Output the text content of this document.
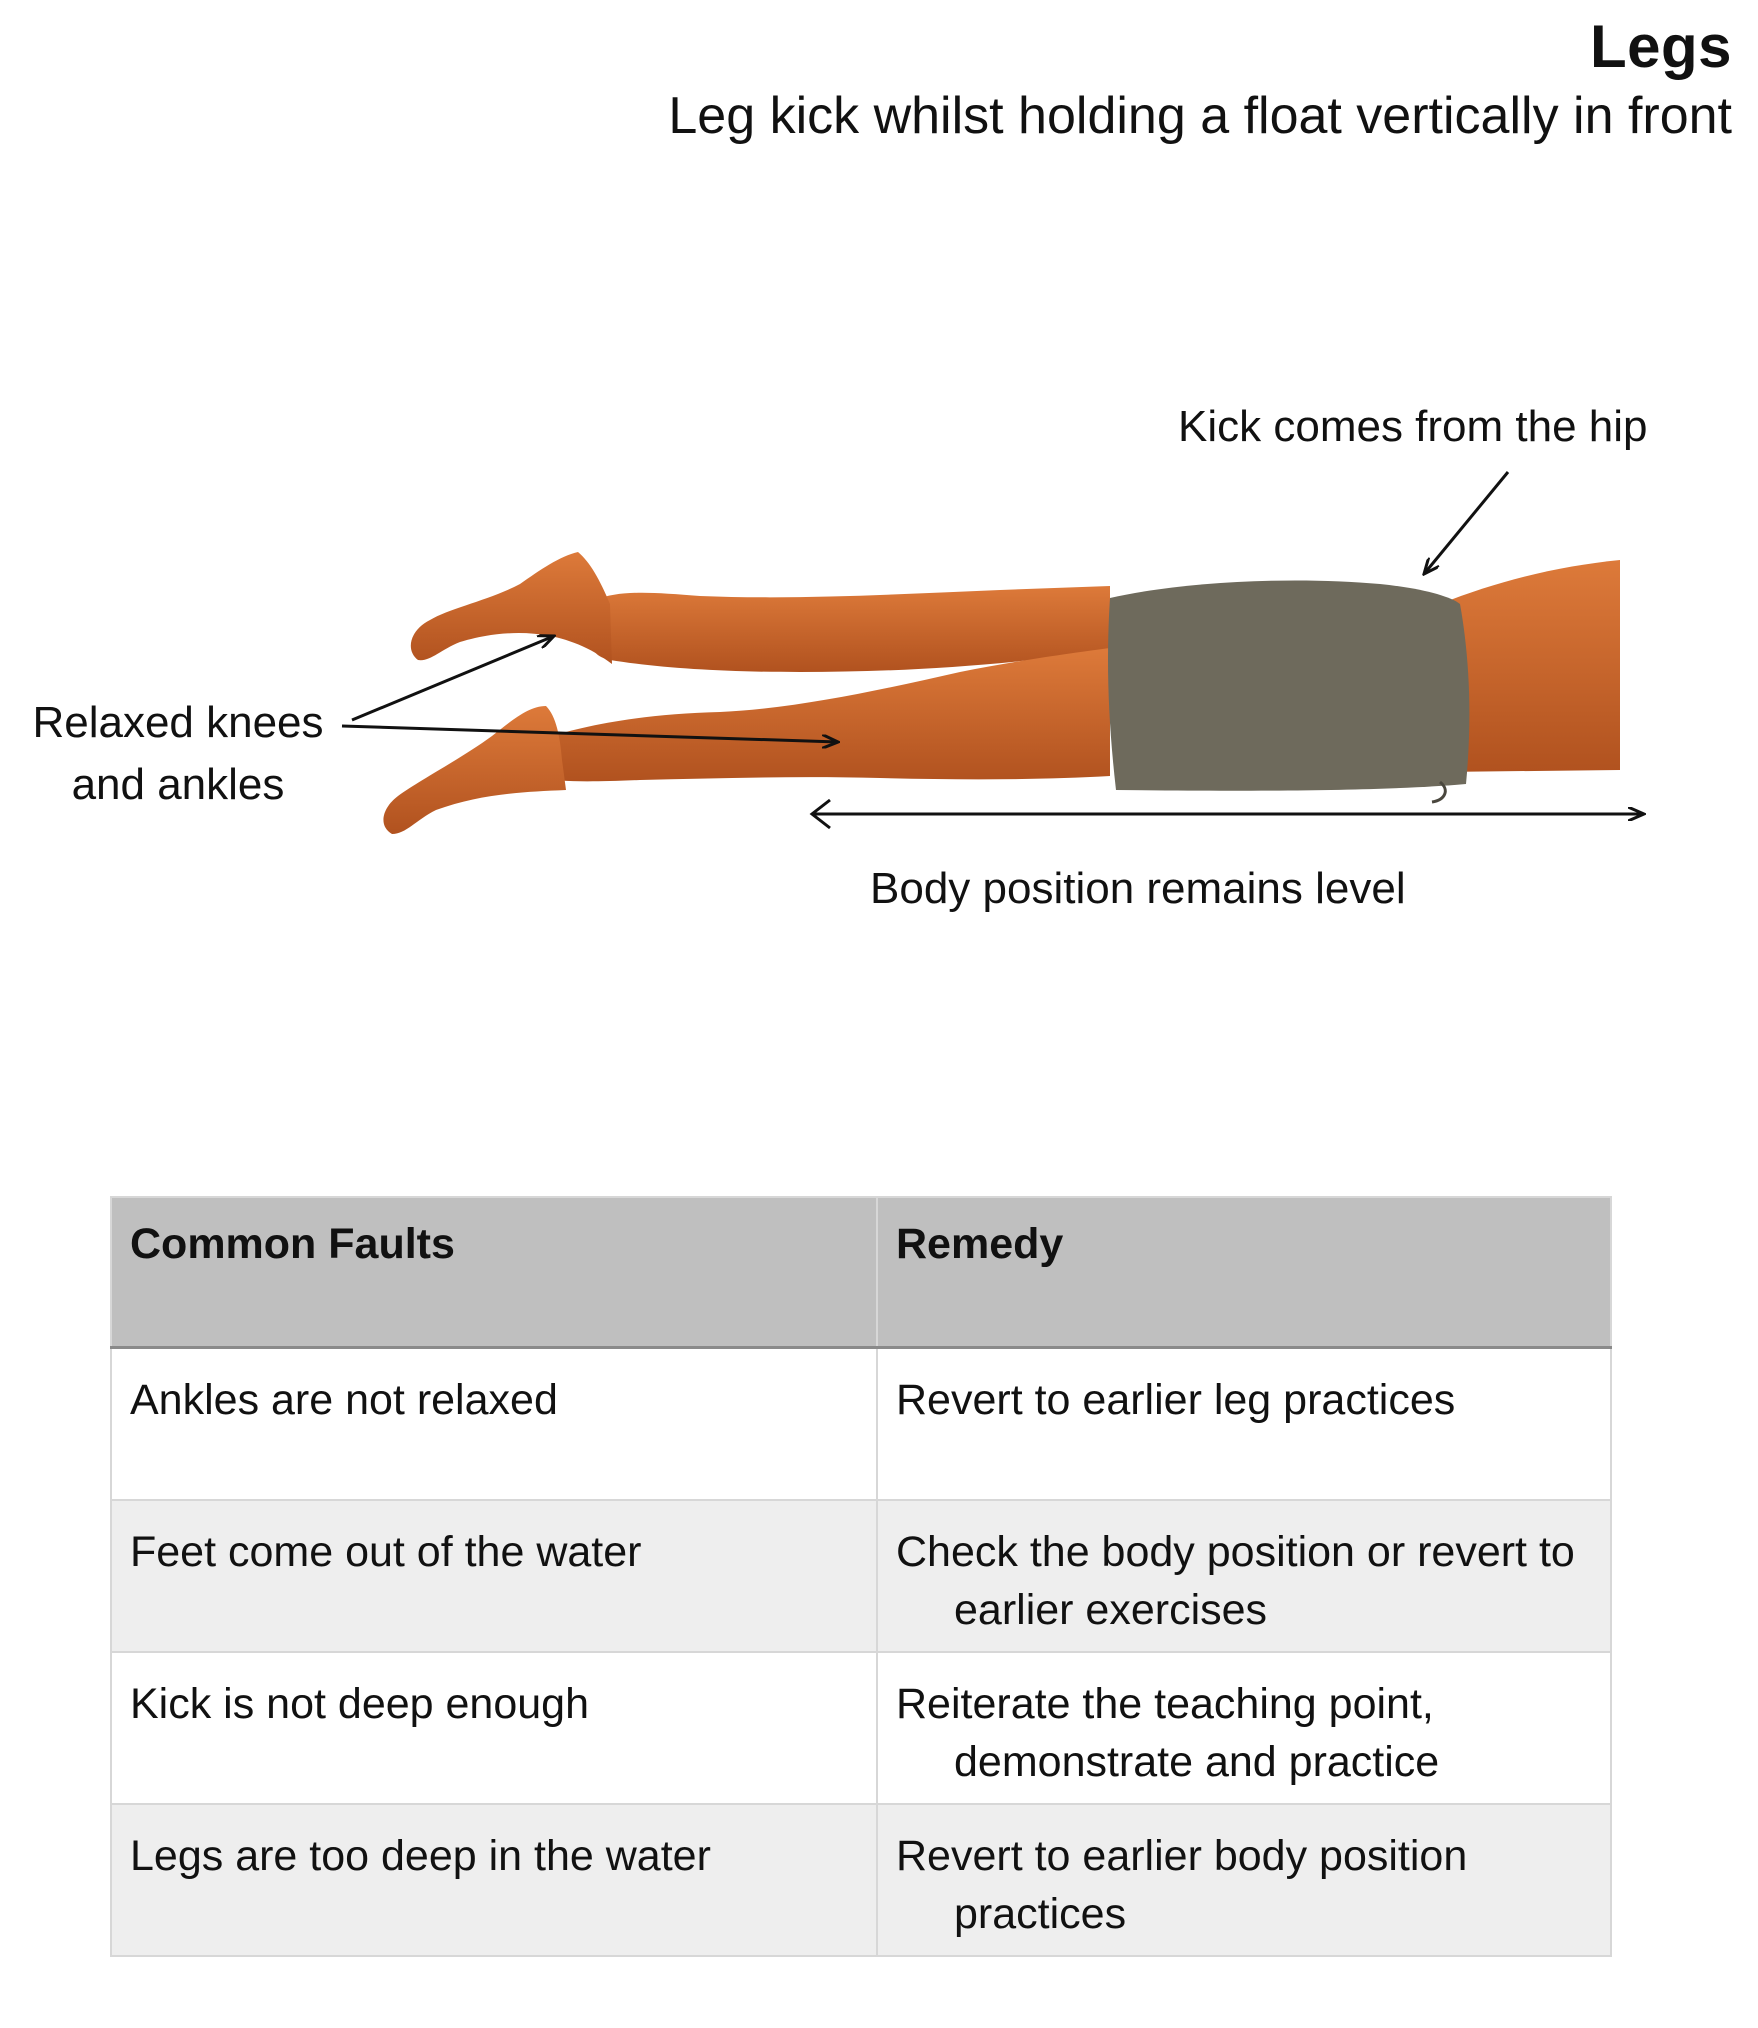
Legs
Leg kick whilst holding a float vertically in front
Kick comes from the hip
Relaxed knees
and ankles
Body position remains level
Common Faults	Remedy
Ankles are not relaxed	Revert to earlier leg practices

Feet come out of the water	Check the body position or revert to earlier exercises

Kick is not deep enough	Reiterate the teaching point, demonstrate and practice

Legs are too deep in the water	Revert to earlier body position practices
